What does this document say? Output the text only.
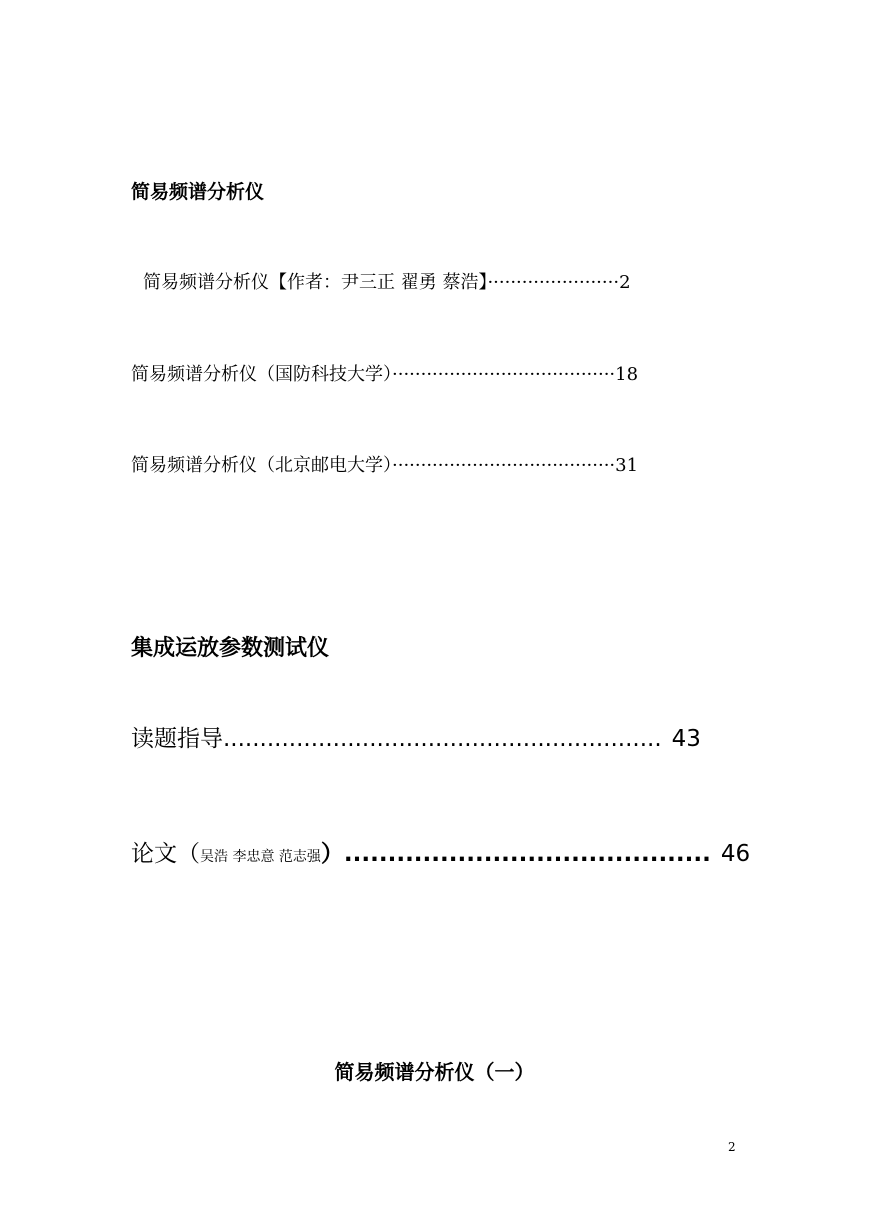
简易频谱分析仪
简易频谱分析仪【作者：尹三正 翟勇 蔡浩】·······················2
简易频谱分析仪（国防科技大学）·······································18
简易频谱分析仪（北京邮电大学）·······································31
集成运放参数测试仪
读题指导............................................................ 43
论文（吴浩 李忠意 范志强）.......................................... 46
简易频谱分析仪（一）
2
